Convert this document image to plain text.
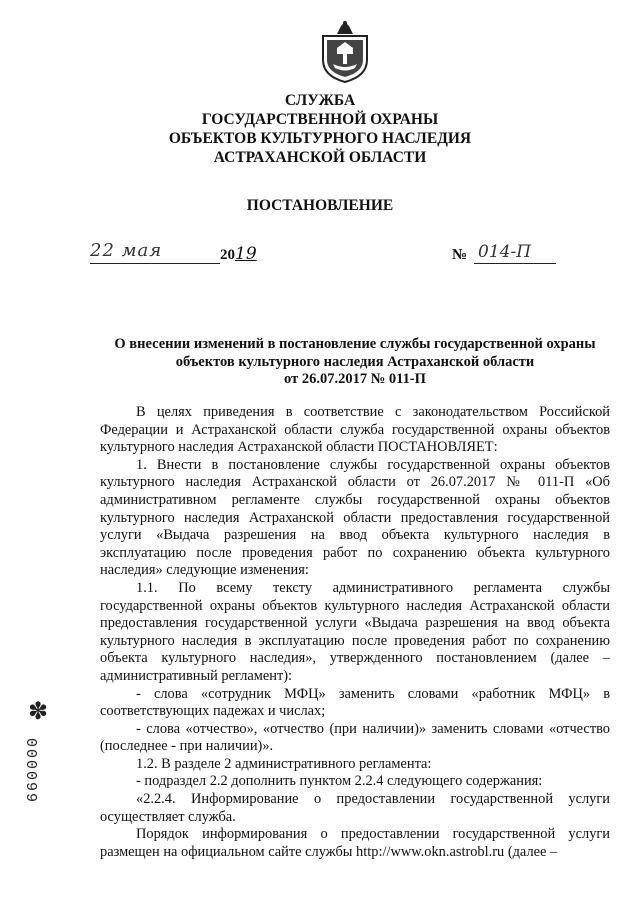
СЛУЖБА
ГОСУДАРСТВЕННОЙ ОХРАНЫ
ОБЪЕКТОВ КУЛЬТУРНОГО НАСЛЕДИЯ
АСТРАХАНСКОЙ ОБЛАСТИ
ПОСТАНОВЛЕНИЕ
22 мая	2019	№ 014-П
О внесении изменений в постановление службы государственной охраны
объектов культурного наследия Астраханской области
от 26.07.2017 № 011-П

В целях приведения в соответствие с законодательством Российской Федерации и Астраханской области служба государственной охраны объектов культурного наследия Астраханской области ПОСТАНОВЛЯЕТ:

1. Внести в постановление службы государственной охраны объектов культурного наследия Астраханской области от 26.07.2017 № 011-П «Об административном регламенте службы государственной охраны объектов культурного наследия Астраханской области предоставления государственной услуги «Выдача разрешения на ввод объекта культурного наследия в эксплуатацию после проведения работ по сохранению объекта культурного наследия» следующие изменения:

1.1. По всему тексту административного регламента службы государственной охраны объектов культурного наследия Астраханской области предоставления государственной услуги «Выдача разрешения на ввод объекта культурного наследия в эксплуатацию после проведения работ по сохранению объекта культурного наследия», утвержденного постановлением (далее – административный регламент):

- слова «сотрудник МФЦ» заменить словами «работник МФЦ» в соответствующих падежах и числах;

- слова «отчество», «отчество (при наличии)» заменить словами «отчество (последнее - при наличии)».

1.2. В разделе 2 административного регламента:

- подраздел 2.2 дополнить пунктом 2.2.4 следующего содержания:

«2.2.4. Информирование о предоставлении государственной услуги осуществляет служба.

Порядок информирования о предоставлении государственной услуги размещен на официальном сайте службы http://www.okn.astrobl.ru (далее –

✽
000099
